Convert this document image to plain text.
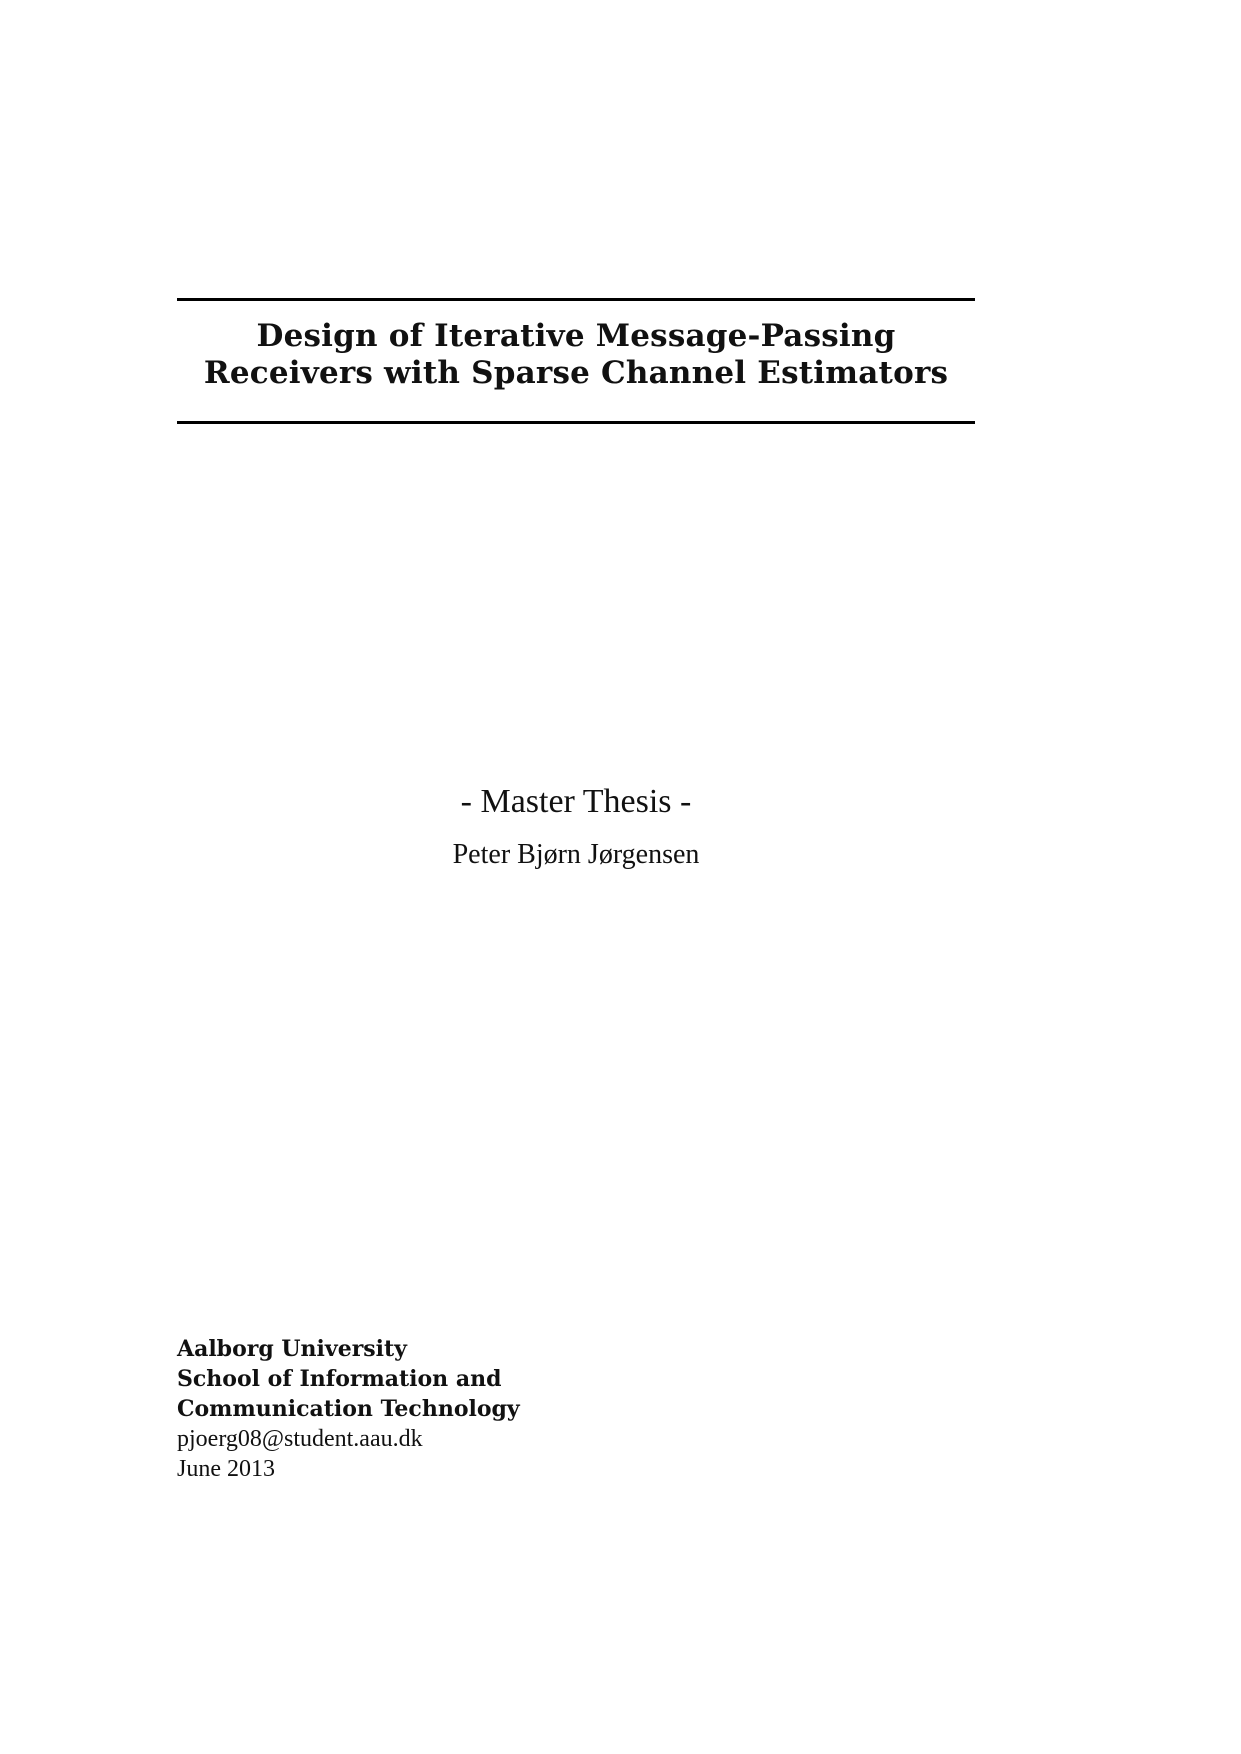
Design of Iterative Message-Passing
Receivers with Sparse Channel Estimators
- Master Thesis -
Peter Bjørn Jørgensen
Aalborg University
School of Information and
Communication Technology
pjoerg08@student.aau.dk
June 2013
